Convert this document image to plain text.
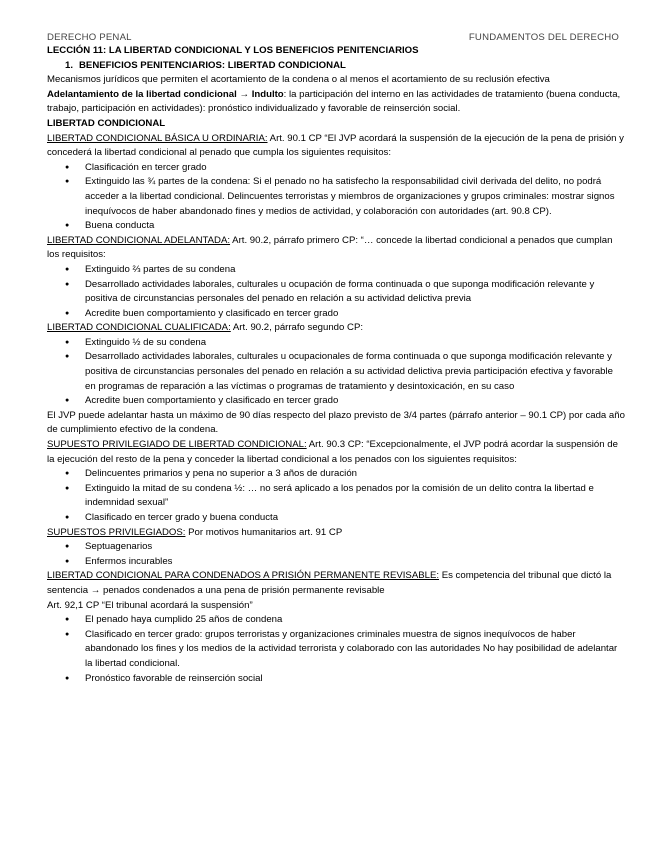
DERECHO PENAL	FUNDAMENTOS DEL DERECHO

LECCIÓN 11: LA LIBERTAD CONDICIONAL Y LOS BENEFICIOS PENITENCIARIOS

1. BENEFICIOS PENITENCIARIOS: LIBERTAD CONDICIONAL

Mecanismos jurídicos que permiten el acortamiento de la condena o al menos el acortamiento de su reclusión efectiva

Adelantamiento de la libertad condicional → Indulto: la participación del interno en las actividades de tratamiento (buena conducta, trabajo, participación en actividades): pronóstico individualizado y favorable de reinserción social.

LIBERTAD CONDICIONAL

LIBERTAD CONDICIONAL BÁSICA U ORDINARIA: Art. 90.1 CP “El JVP acordará la suspensión de la ejecución de la pena de prisión y concederá la libertad condicional al penado que cumpla los siguientes requisitos:

● Clasificación en tercer grado
● Extinguido las ¾ partes de la condena: Si el penado no ha satisfecho la responsabilidad civil derivada del delito, no podrá acceder a la libertad condicional. Delincuentes terroristas y miembros de organizaciones y grupos criminales: mostrar signos inequívocos de haber abandonado fines y medios de actividad, y colaboración con autoridades (art. 90.8 CP).
● Buena conducta

LIBERTAD CONDICIONAL ADELANTADA: Art. 90.2, párrafo primero CP: “… concede la libertad condicional a penados que cumplan los requisitos:

● Extinguido ⅔ partes de su condena
● Desarrollado actividades laborales, culturales u ocupación de forma continuada o que suponga modificación relevante y positiva de circunstancias personales del penado en relación a su actividad delictiva previa
● Acredite buen comportamiento y clasificado en tercer grado

LIBERTAD CONDICIONAL CUALIFICADA: Art. 90.2, párrafo segundo CP:

● Extinguido ½ de su condena
● Desarrollado actividades laborales, culturales u ocupacionales de forma continuada o que suponga modificación relevante y positiva de circunstancias personales del penado en relación a su actividad delictiva previa participación efectiva y favorable en programas de reparación a las víctimas o programas de tratamiento y desintoxicación, en su caso
● Acredite buen comportamiento y clasificado en tercer grado

El JVP puede adelantar hasta un máximo de 90 días respecto del plazo previsto de 3/4 partes (párrafo anterior – 90.1 CP) por cada año de cumplimiento efectivo de la condena.

SUPUESTO PRIVILEGIADO DE LIBERTAD CONDICIONAL: Art. 90.3 CP: “Excepcionalmente, el JVP podrá acordar la suspensión de la ejecución del resto de la pena y conceder la libertad condicional a los penados con los siguientes requisitos:

● Delincuentes primarios y pena no superior a 3 años de duración
● Extinguido la mitad de su condena ½: … no será aplicado a los penados por la comisión de un delito contra la libertad e indemnidad sexual”
● Clasificado en tercer grado y buena conducta

SUPUESTOS PRIVILEGIADOS: Por motivos humanitarios art. 91 CP

● Septuagenarios
● Enfermos incurables

LIBERTAD CONDICIONAL PARA CONDENADOS A PRISIÓN PERMANENTE REVISABLE: Es competencia del tribunal que dictó la sentencia → penados condenados a una pena de prisión permanente revisable

Art. 92,1 CP “El tribunal acordará la suspensión”

● El penado haya cumplido 25 años de condena
● Clasificado en tercer grado: grupos terroristas y organizaciones criminales muestra de signos inequívocos de haber abandonado los fines y los medios de la actividad terrorista y colaborado con las autoridades No hay posibilidad de adelantar la libertad condicional.
● Pronóstico favorable de reinserción social
